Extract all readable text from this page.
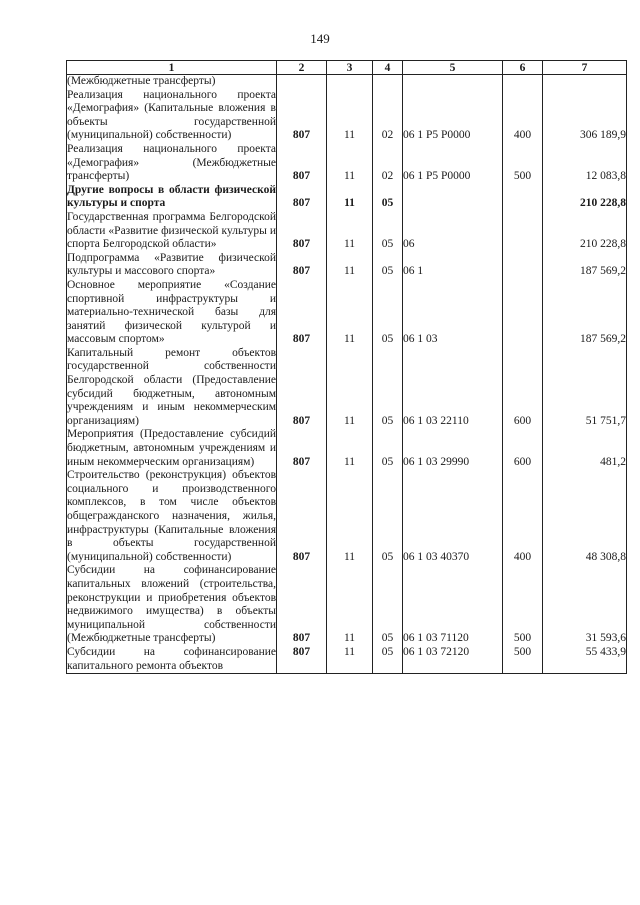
149
1	2	3	4	5	6	7
(Межбюджетные трансферты)						
Реализация национального проекта «Демография» (Капитальные вложения в объекты государственной (муниципальной) собственности)	807	11	02	06 1 Р5 Р0000	400	306 189,9
Реализация национального проекта «Демография» (Межбюджетные трансферты)	807	11	02	06 1 Р5 Р0000	500	12 083,8
Другие вопросы в области физической культуры и спорта	807	11	05			210 228,8
Государственная программа Белгородской области «Развитие физической культуры и спорта Белгородской области»	807	11	05	06		210 228,8
Подпрограмма «Развитие физической культуры и массового спорта»	807	11	05	06 1		187 569,2
Основное мероприятие «Создание спортивной инфраструктуры и материально-технической базы для занятий физической культурой и массовым спортом»	807	11	05	06 1 03		187 569,2
Капитальный ремонт объектов государственной собственности Белгородской области (Предоставление субсидий бюджетным, автономным учреждениям и иным некоммерческим организациям)	807	11	05	06 1 03 22110	600	51 751,7
Мероприятия (Предоставление субсидий бюджетным, автономным учреждениям и иным некоммерческим организациям)	807	11	05	06 1 03 29990	600	481,2
Строительство (реконструкция) объектов социального и производственного комплексов, в том числе объектов общегражданского назначения, жилья, инфраструктуры (Капитальные вложения в объекты государственной (муниципальной) собственности)	807	11	05	06 1 03 40370	400	48 308,8
Субсидии на софинансирование капитальных вложений (строительства, реконструкции и приобретения объектов недвижимого имущества) в объекты муниципальной собственности (Межбюджетные трансферты)	807	11	05	06 1 03 71120	500	31 593,6
Субсидии на софинансирование капитального ремонта объектов	807	11	05	06 1 03 72120	500	55 433,9
